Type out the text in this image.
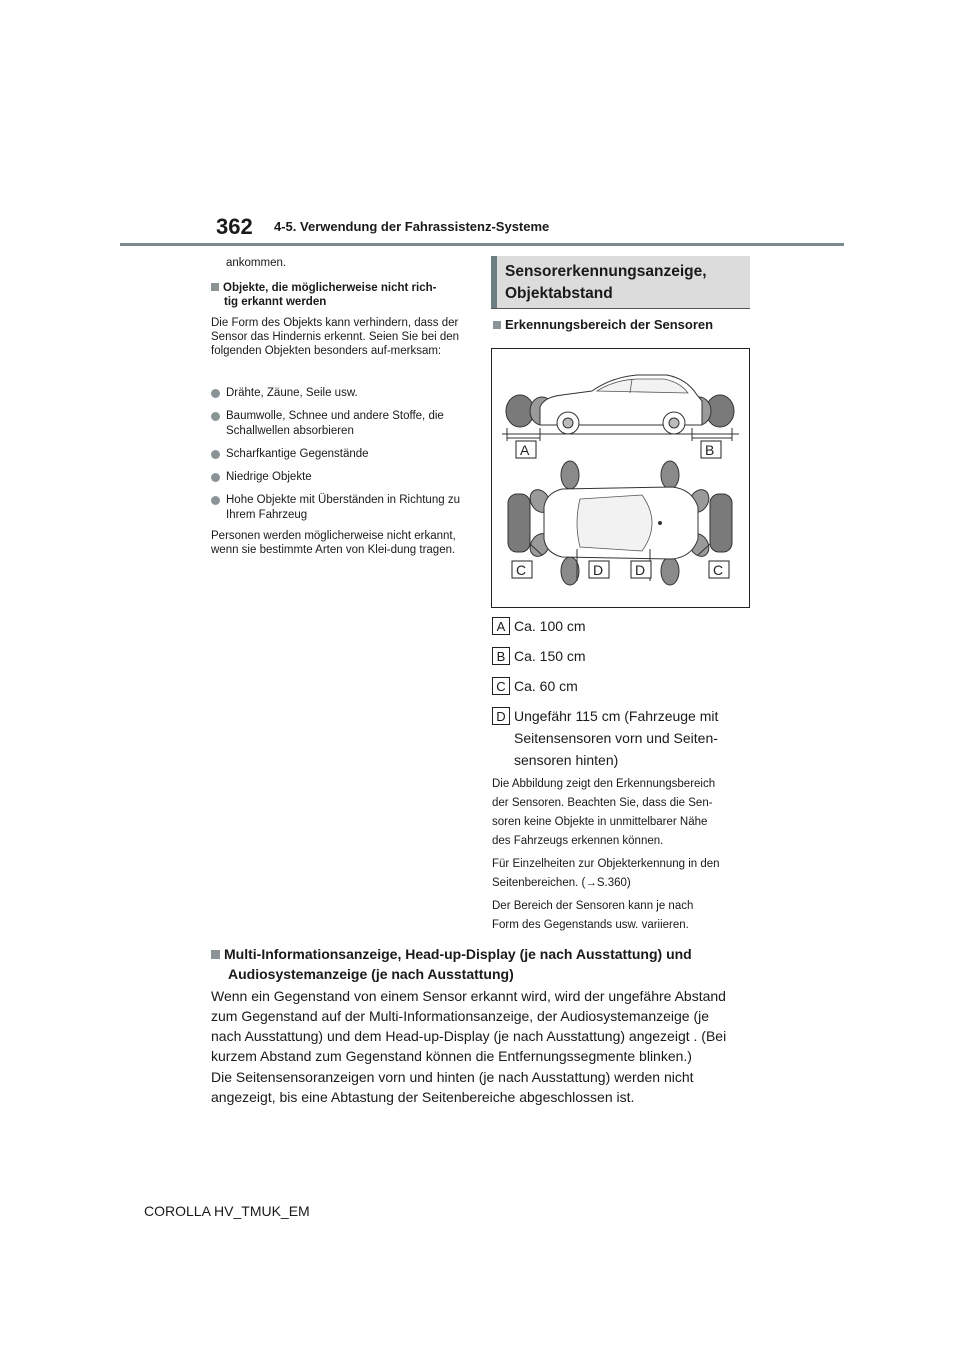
362 4-5. Verwendung der Fahrassistenz-Systeme
ankommen.
Objekte, die möglicherweise nicht rich-
tig erkannt werden
Die Form des Objekts kann verhindern, dass der Sensor das Hindernis erkennt. Seien Sie bei den folgenden Objekten besonders auf-merksam:
Drähte, Zäune, Seile usw.
Baumwolle, Schnee und andere Stoffe, die Schallwellen absorbieren
Scharfkantige Gegenstände
Niedrige Objekte
Hohe Objekte mit Überständen in Richtung zu Ihrem Fahrzeug
Personen werden möglicherweise nicht erkannt, wenn sie bestimmte Arten von Klei-dung tragen.
Sensorerkennungsanzeige,
Objektabstand
Erkennungsbereich der Sensoren
A	B
C	D D	C
A Ca. 100 cm
B Ca. 150 cm
C Ca. 60 cm
D Ungefähr 115 cm (Fahrzeuge mit
Seitensensoren vorn und Seiten-
sensoren hinten)
Die Abbildung zeigt den Erkennungsbereich
der Sensoren. Beachten Sie, dass die Sen-
soren keine Objekte in unmittelbarer Nähe
des Fahrzeugs erkennen können.
Für Einzelheiten zur Objekterkennung in den
Seitenbereichen. (→S.360)
Der Bereich der Sensoren kann je nach
Form des Gegenstands usw. variieren.
Multi-Informationsanzeige, Head-up-Display (je nach Ausstattung) und
Audiosystemanzeige (je nach Ausstattung)
Wenn ein Gegenstand von einem Sensor erkannt wird, wird der ungefähre Abstand
zum Gegenstand auf der Multi-Informationsanzeige, der Audiosystemanzeige (je
nach Ausstattung) und dem Head-up-Display (je nach Ausstattung) angezeigt . (Bei
kurzem Abstand zum Gegenstand können die Entfernungssegmente blinken.)
Die Seitensensoranzeigen vorn und hinten (je nach Ausstattung) werden nicht
angezeigt, bis eine Abtastung der Seitenbereiche abgeschlossen ist.
COROLLA HV_TMUK_EM
